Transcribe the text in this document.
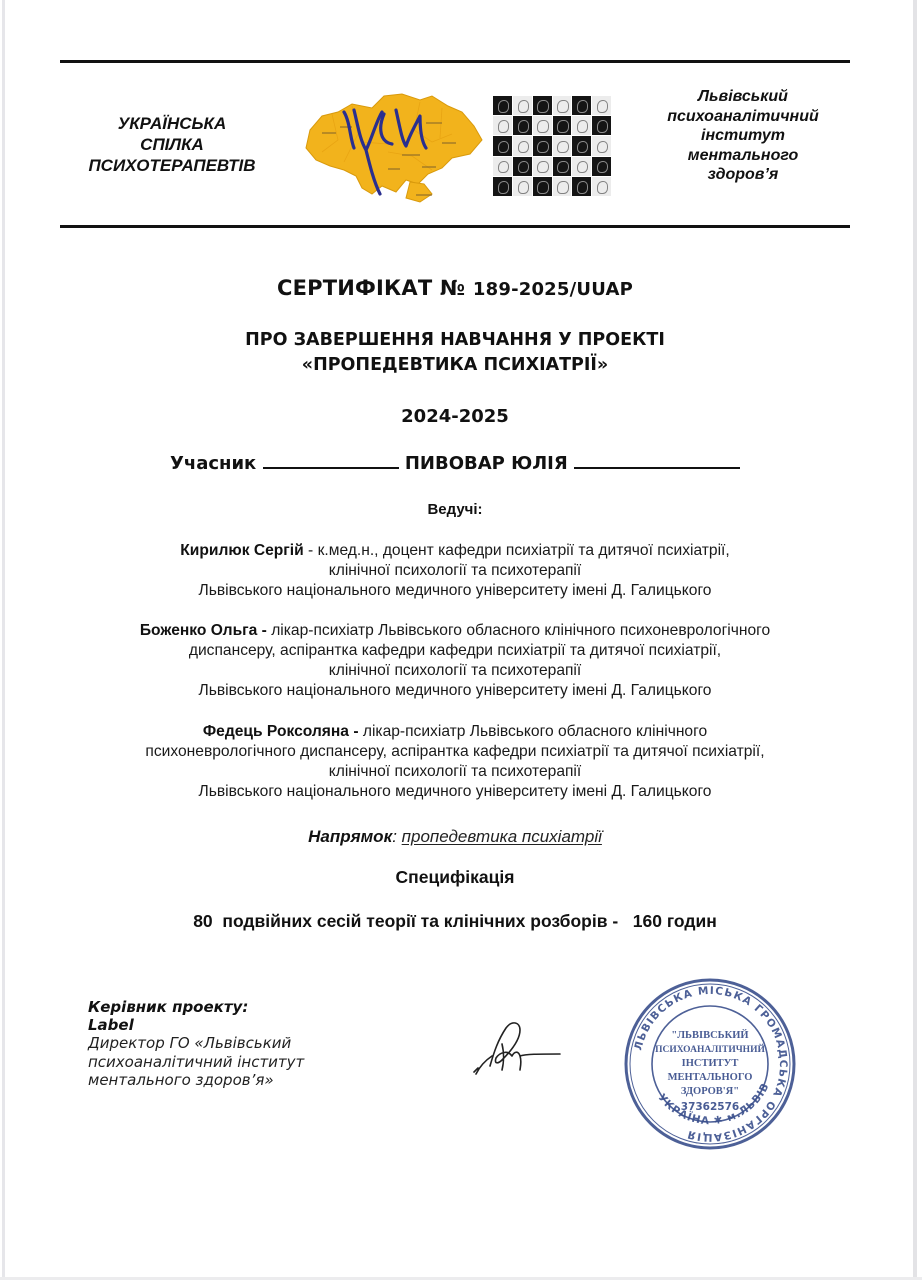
УКРАЇНСЬКА
СПІЛКА
ПСИХОТЕРАПЕВТІВ
Львівський
психоаналітичний
інститут
ментального
здоров’я
СЕРТИФІКАТ № 189-2025/UUAP
ПРО ЗАВЕРШЕННЯ НАВЧАННЯ У ПРОЕКТІ
«ПРОПЕДЕВТИКА ПСИХІАТРІЇ»
2024-2025
Учасник	ПИВОВАР ЮЛІЯ
Ведучі:
Кирилюк Сергій - к.мед.н., доцент кафедри психіатрії та дитячої психіатрії,
клінічної психології та психотерапії
Львівського національного медичного університету імені Д. Галицького
Боженко Ольга - лікар-психіатр Львівського обласного клінічного психоневрологічного
диспансеру, аспірантка кафедри кафедри психіатрії та дитячої психіатрії,
клінічної психології та психотерапії
Львівського національного медичного університету імені Д. Галицького
Федець Роксоляна - лікар-психіатр Львівського обласного клінічного
психоневрологічного диспансеру, аспірантка кафедри психіатрії та дитячої психіатрії,
клінічної психології та психотерапії
Львівського національного медичного університету імені Д. Галицького
Напрямок: пропедевтика психіатрії
Специфікація
80 подвійних сесій теорії та клінічних розборів - 160 годин
Керівник проекту:
Label
Директор ГО «Львівський
психоаналітичний інститут
ментального здоров’я»
ЛЬВІВСЬКА МІСЬКА ГРОМАДСЬКА ОРГАНІЗАЦІЯ
УКРАЇНА ✱ м.ЛЬВІВ
"ЛЬВІВСЬКИЙ
ПСИХОАНАЛІТИЧНИЙ
ІНСТИТУТ
МЕНТАЛЬНОГО
ЗДОРОВ'Я"
37362576
